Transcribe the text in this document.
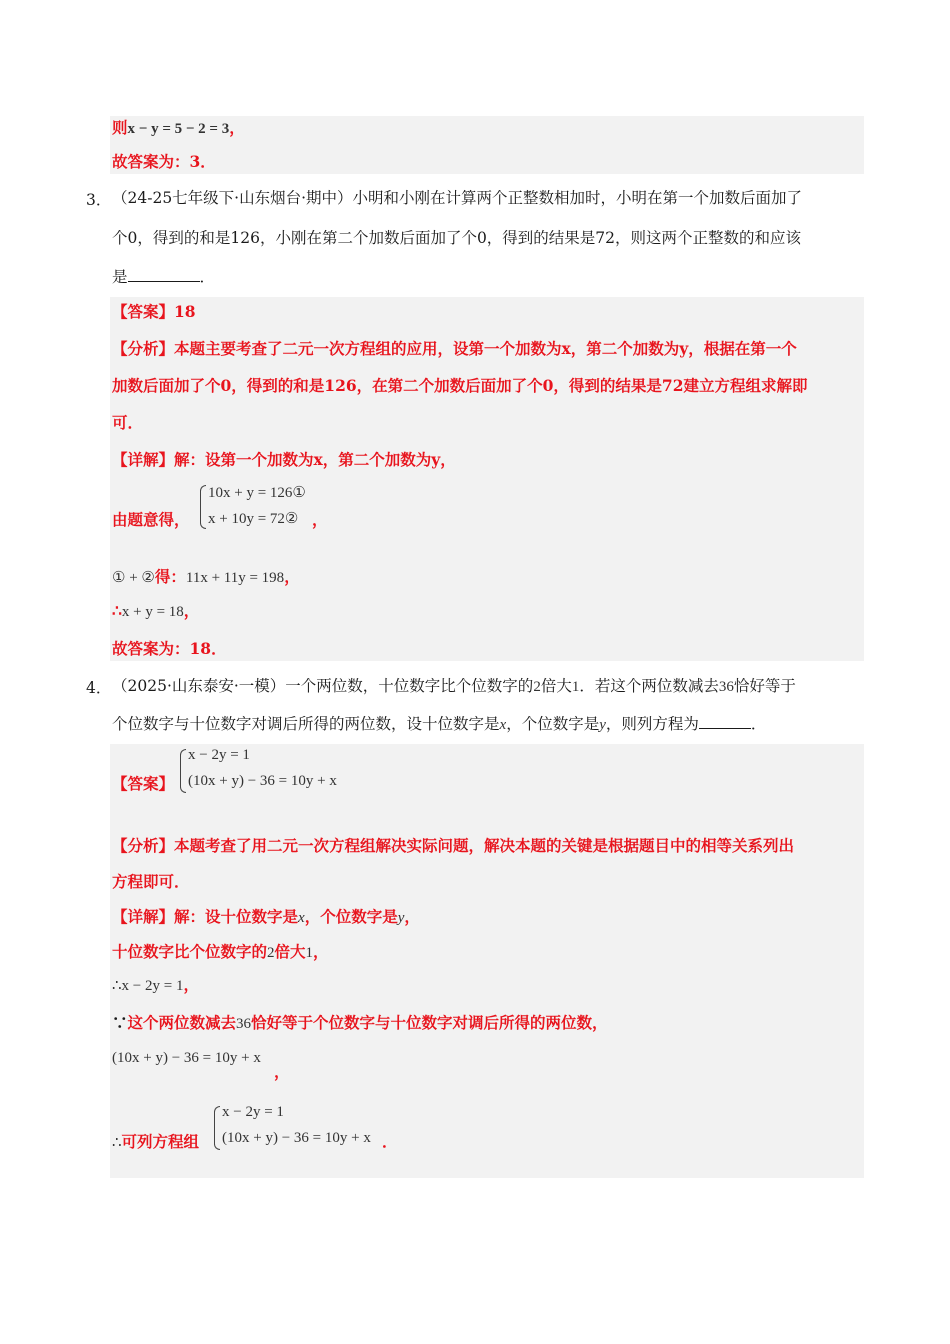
则x − y = 5 − 2 = 3，
故答案为：3．
3． （24-25七年级下·山东烟台·期中）小明和小刚在计算两个正整数相加时，小明在第一个加数后面加了
个0，得到的和是126，小刚在第二个加数后面加了个0，得到的结果是72，则这两个正整数的和应该
是	．
【答案】18
【分析】本题主要考查了二元一次方程组的应用，设第一个加数为x，第二个加数为y，根据在第一个
加数后面加了个0，得到的和是126，在第二个加数后面加了个0，得到的结果是72建立方程组求解即
可．
【详解】解：设第一个加数为x，第二个加数为y，
由题意得，
10x + y = 126①
x + 10y = 72② ，
① + ②得：11x + 11y = 198，
∴x + y = 18，
故答案为：18．
4． （2025·山东泰安·一模）一个两位数，十位数字比个位数字的2倍大1．若这个两位数减去36恰好等于
个位数字与十位数字对调后所得的两位数，设十位数字是x，个位数字是y，则列方程为	．
【答案】
x − 2y = 1
(10x + y) − 36 = 10y + x
【分析】本题考查了用二元一次方程组解决实际问题，解决本题的关键是根据题目中的相等关系列出
方程即可．
【详解】解：设十位数字是x，个位数字是y，
十位数字比个位数字的2倍大1，
∴x − 2y = 1，
∵这个两位数减去36恰好等于个位数字与十位数字对调后所得的两位数，
(10x + y) − 36 = 10y + x
，
∴可列方程组
x − 2y = 1
(10x + y) − 36 = 10y + x ．
